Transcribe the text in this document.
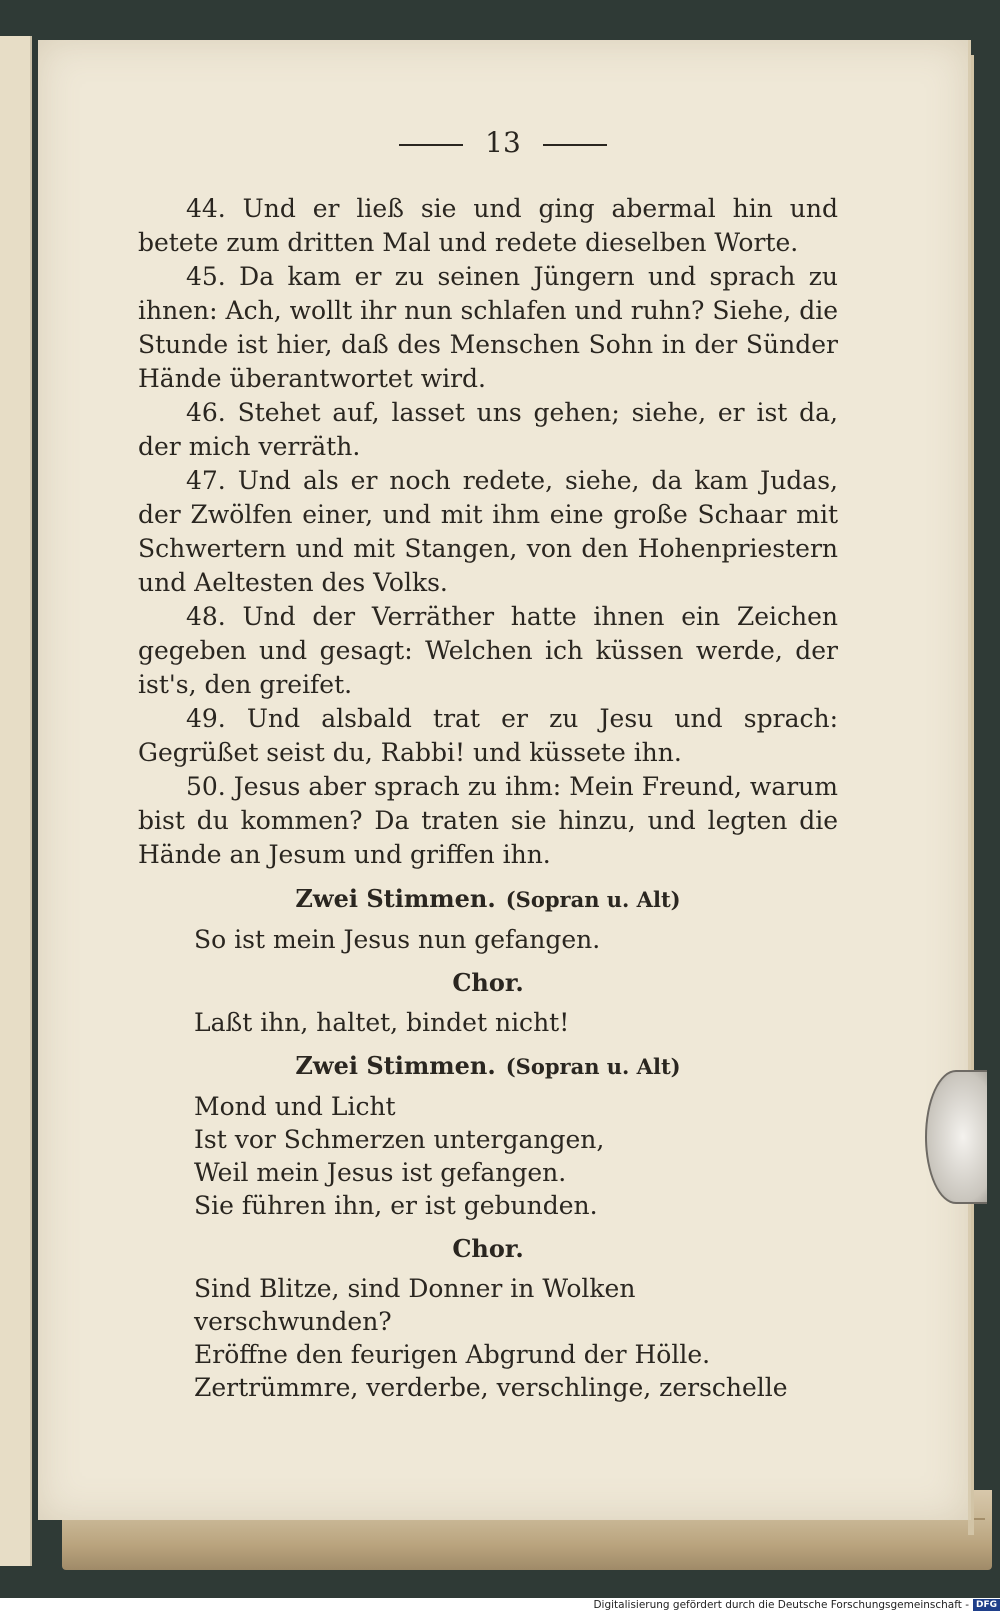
13

44. Und er ließ sie und ging abermal hin und betete zum dritten Mal und redete dieselben Worte.

45. Da kam er zu seinen Jüngern und sprach zu ihnen: Ach, wollt ihr nun schlafen und ruhn? Siehe, die Stunde ist hier, daß des Menschen Sohn in der Sünder Hände überantwortet wird.

46. Stehet auf, lasset uns gehen; siehe, er ist da, der mich verräth.

47. Und als er noch redete, siehe, da kam Judas, der Zwölfen einer, und mit ihm eine große Schaar mit Schwertern und mit Stangen, von den Hohenpriestern und Aeltesten des Volks.

48. Und der Verräther hatte ihnen ein Zeichen gegeben und gesagt: Welchen ich küssen werde, der ist's, den greifet.

49. Und alsbald trat er zu Jesu und sprach: Gegrüßet seist du, Rabbi! und küssete ihn.

50. Jesus aber sprach zu ihm: Mein Freund, warum bist du kommen? Da traten sie hinzu, und legten die Hände an Jesum und griffen ihn.

Zwei Stimmen. (Sopran u. Alt)
So ist mein Jesus nun gefangen.
Chor.
Laßt ihn, haltet, bindet nicht!
Zwei Stimmen. (Sopran u. Alt)
Mond und Licht
Ist vor Schmerzen untergangen,
Weil mein Jesus ist gefangen.
Sie führen ihn, er ist gebunden.
Chor.
Sind Blitze, sind Donner in Wolken verschwunden?
Eröffne den feurigen Abgrund der Hölle.
Zertrümmre, verderbe, verschlinge, zerschelle
Digitalisierung gefördert durch die Deutsche Forschungsgemeinschaft - DFG
